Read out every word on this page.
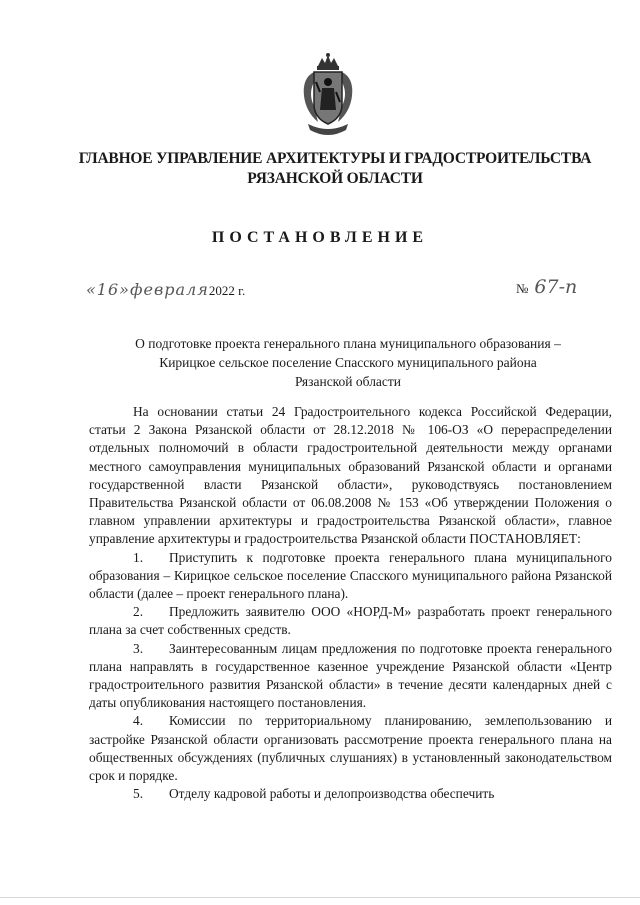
ГЛАВНОЕ УПРАВЛЕНИЕ АРХИТЕКТУРЫ И ГРАДОСТРОИТЕЛЬСТВА
РЯЗАНСКОЙ ОБЛАСТИ
ПОСТАНОВЛЕНИЕ
«16»февраля2022 г.	№ 67-п
О подготовке проекта генерального плана муниципального образования –
Кирицкое сельское поселение Спасского муниципального района
Рязанской области

На основании статьи 24 Градостроительного кодекса Российской Федерации, статьи 2 Закона Рязанской области от 28.12.2018 № 106-ОЗ «О перераспределении отдельных полномочий в области градостроительной деятельности между органами местного самоуправления муниципальных образований Рязанской области и органами государственной власти Рязанской области», руководствуясь постановлением Правительства Рязанской области от 06.08.2008 № 153 «Об утверждении Положения о главном управлении архитектуры и градостроительства Рязанской области», главное управление архитектуры и градостроительства Рязанской области ПОСТАНОВЛЯЕТ:

1. Приступить к подготовке проекта генерального плана муниципального образования – Кирицкое сельское поселение Спасского муниципального района Рязанской области (далее – проект генерального плана).

2. Предложить заявителю ООО «НОРД-М» разработать проект генерального плана за счет собственных средств.

3. Заинтересованным лицам предложения по подготовке проекта генерального плана направлять в государственное казенное учреждение Рязанской области «Центр градостроительного развития Рязанской области» в течение десяти календарных дней с даты опубликования настоящего постановления.

4. Комиссии по территориальному планированию, землепользованию и застройке Рязанской области организовать рассмотрение проекта генерального плана на общественных обсуждениях (публичных слушаниях) в установленный законодательством срок и порядке.

5. Отделу кадровой работы и делопроизводства обеспечить
